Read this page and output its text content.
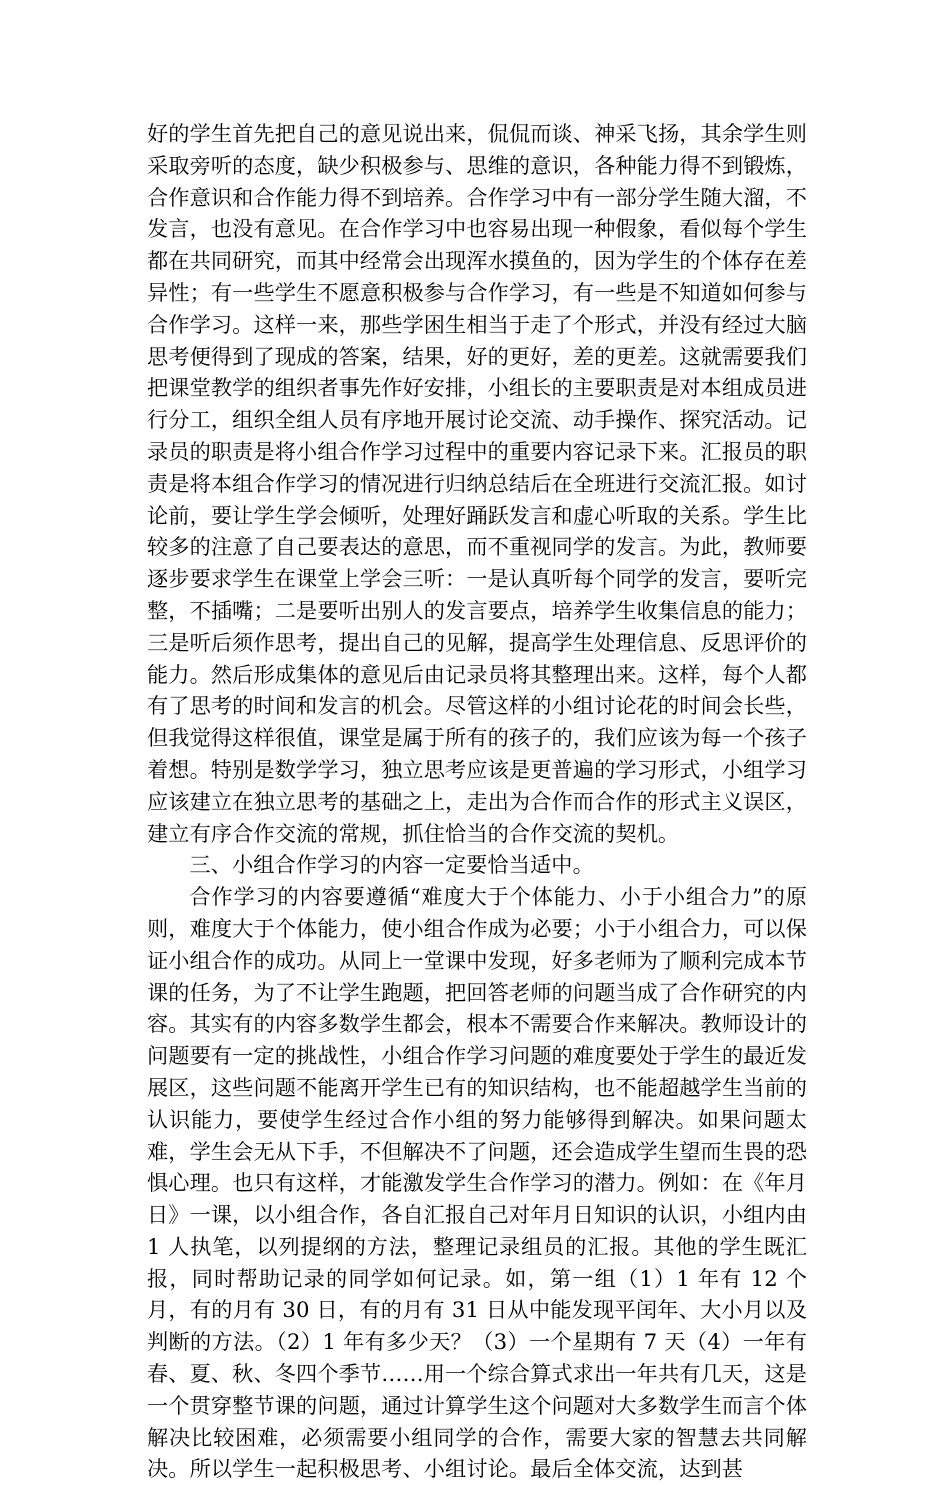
好的学生首先把自己的意见说出来，侃侃而谈、神采飞扬，其余学生则采取旁听的态度，缺少积极参与、思维的意识，各种能力得不到锻炼，合作意识和合作能力得不到培养。合作学习中有一部分学生随大溜，不发言，也没有意见。在合作学习中也容易出现一种假象，看似每个学生都在共同研究，而其中经常会出现浑水摸鱼的，因为学生的个体存在差异性；有一些学生不愿意积极参与合作学习，有一些是不知道如何参与合作学习。这样一来，那些学困生相当于走了个形式，并没有经过大脑思考便得到了现成的答案，结果，好的更好，差的更差。这就需要我们把课堂教学的组织者事先作好安排，小组长的主要职责是对本组成员进行分工，组织全组人员有序地开展讨论交流、动手操作、探究活动。记录员的职责是将小组合作学习过程中的重要内容记录下来。汇报员的职责是将本组合作学习的情况进行归纳总结后在全班进行交流汇报。如讨论前，要让学生学会倾听，处理好踊跃发言和虚心听取的关系。学生比较多的注意了自己要表达的意思，而不重视同学的发言。为此，教师要逐步要求学生在课堂上学会三听：一是认真听每个同学的发言，要听完整，不插嘴；二是要听出别人的发言要点，培养学生收集信息的能力；三是听后须作思考，提出自己的见解，提高学生处理信息、反思评价的能力。然后形成集体的意见后由记录员将其整理出来。这样，每个人都有了思考的时间和发言的机会。尽管这样的小组讨论花的时间会长些，但我觉得这样很值，课堂是属于所有的孩子的，我们应该为每一个孩子着想。特别是数学学习，独立思考应该是更普遍的学习形式，小组学习应该建立在独立思考的基础之上，走出为合作而合作的形式主义误区，建立有序合作交流的常规，抓住恰当的合作交流的契机。

三、小组合作学习的内容一定要恰当适中。

合作学习的内容要遵循“难度大于个体能力、小于小组合力”的原则，难度大于个体能力，使小组合作成为必要；小于小组合力，可以保证小组合作的成功。从同上一堂课中发现，好多老师为了顺利完成本节课的任务，为了不让学生跑题，把回答老师的问题当成了合作研究的内容。其实有的内容多数学生都会，根本不需要合作来解决。教师设计的问题要有一定的挑战性，小组合作学习问题的难度要处于学生的最近发展区，这些问题不能离开学生已有的知识结构，也不能超越学生当前的认识能力，要使学生经过合作小组的努力能够得到解决。如果问题太难，学生会无从下手，不但解决不了问题，还会造成学生望而生畏的恐惧心理。也只有这样，才能激发学生合作学习的潜力。例如：在《年月日》一课，以小组合作，各自汇报自己对年月日知识的认识，小组内由 1 人执笔，以列提纲的方法，整理记录组员的汇报。其他的学生既汇报，同时帮助记录的同学如何记录。如，第一组（1）1 年有 12 个月，有的月有 30 日，有的月有 31 日从中能发现平闰年、大小月以及判断的方法。（2）1 年有多少天？（3）一个星期有 7 天（4）一年有春、夏、秋、冬四个季节……用一个综合算式求出一年共有几天，这是一个贯穿整节课的问题，通过计算学生这个问题对大多数学生而言个体解决比较困难，必须需要小组同学的合作，需要大家的智慧去共同解决。所以学生一起积极思考、小组讨论。最后全体交流，达到甚
